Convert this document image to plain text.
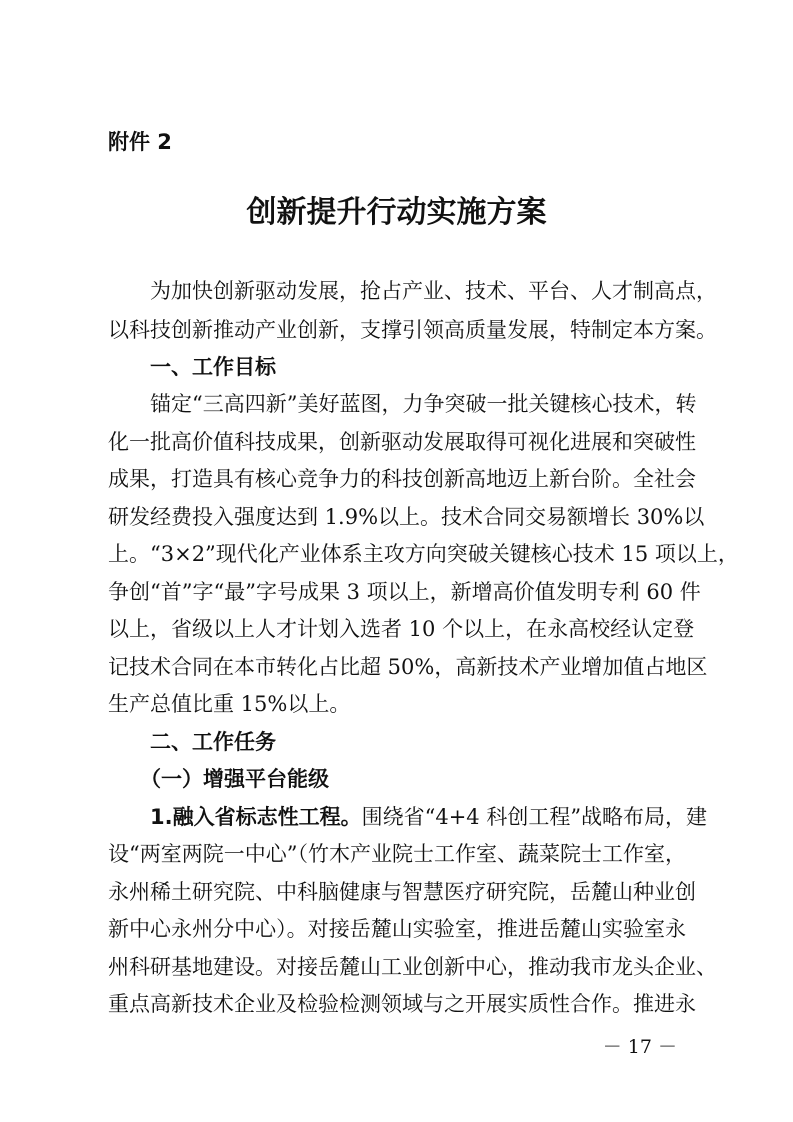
附件 2
创新提升行动实施方案
为加快创新驱动发展，抢占产业、技术、平台、人才制高点，
以科技创新推动产业创新，支撑引领高质量发展，特制定本方案。
一、工作目标
锚定“三高四新”美好蓝图，力争突破一批关键核心技术，转
化一批高价值科技成果，创新驱动发展取得可视化进展和突破性
成果，打造具有核心竞争力的科技创新高地迈上新台阶。全社会
研发经费投入强度达到 1.9%以上。技术合同交易额增长 30%以
上。“3×2”现代化产业体系主攻方向突破关键核心技术 15 项以上，
争创“首”字“最”字号成果 3 项以上，新增高价值发明专利 60 件
以上，省级以上人才计划入选者 10 个以上，在永高校经认定登
记技术合同在本市转化占比超 50%，高新技术产业增加值占地区
生产总值比重 15%以上。
二、工作任务
（一）增强平台能级
1.融入省标志性工程。 围绕省“4+4 科创工程”战略布局，建
设“两室两院一中心”（竹木产业院士工作室、蔬菜院士工作室，
永州稀土研究院、中科脑健康与智慧医疗研究院，岳麓山种业创
新中心永州分中心）。对接岳麓山实验室，推进岳麓山实验室永
州科研基地建设。对接岳麓山工业创新中心，推动我市龙头企业、
重点高新技术企业及检验检测领域与之开展实质性合作。推进永
－ 17 －
